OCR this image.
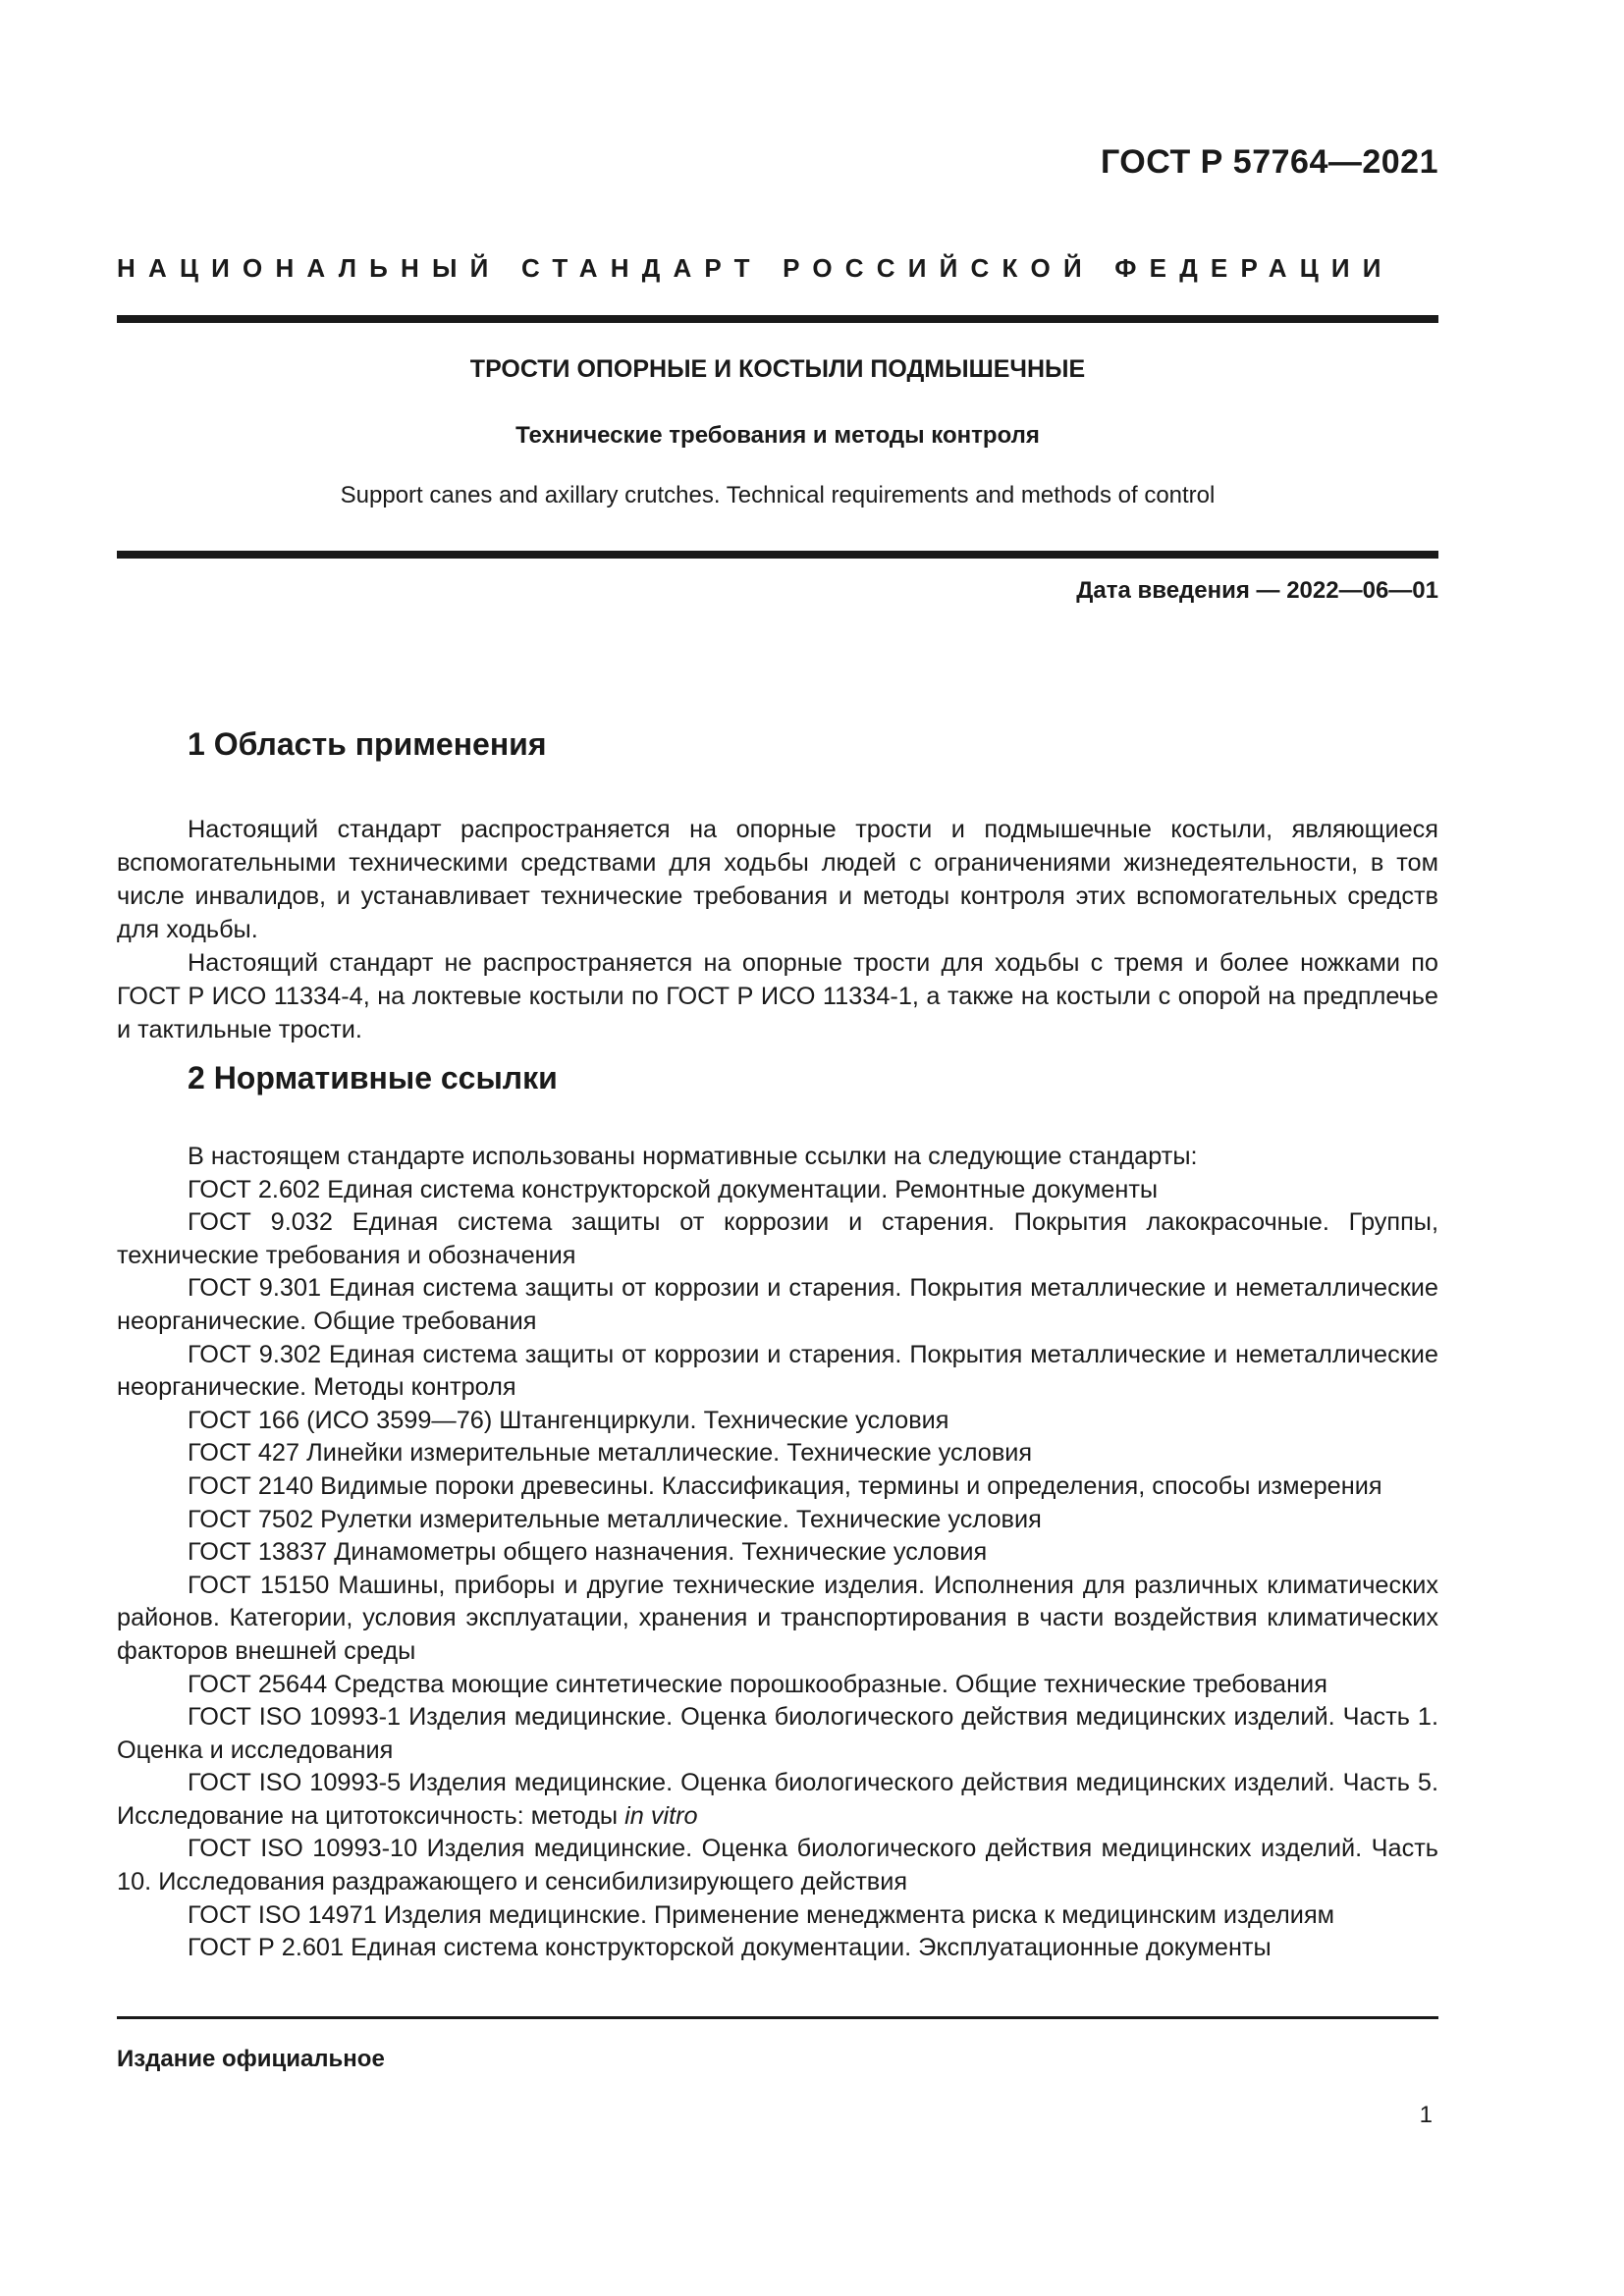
ГОСТ Р 57764—2021
НАЦИОНАЛЬНЫЙ СТАНДАРТ РОССИЙСКОЙ ФЕДЕРАЦИИ
ТРОСТИ ОПОРНЫЕ И КОСТЫЛИ ПОДМЫШЕЧНЫЕ
Технические требования и методы контроля
Support canes and axillary crutches. Technical requirements and methods of control
Дата введения — 2022—06—01
1 Область применения

Настоящий стандарт распространяется на опорные трости и подмышечные костыли, являющиеся вспомогательными техническими средствами для ходьбы людей с ограничениями жизнедеятельности, в том числе инвалидов, и устанавливает технические требования и методы контроля этих вспомогательных средств для ходьбы.

Настоящий стандарт не распространяется на опорные трости для ходьбы с тремя и более ножками по ГОСТ Р ИСО 11334-4, на локтевые костыли по ГОСТ Р ИСО 11334-1, а также на костыли с опорой на предплечье и тактильные трости.

2 Нормативные ссылки

В настоящем стандарте использованы нормативные ссылки на следующие стандарты:

ГОСТ 2.602 Единая система конструкторской документации. Ремонтные документы

ГОСТ 9.032 Единая система защиты от коррозии и старения. Покрытия лакокрасочные. Группы, технические требования и обозначения

ГОСТ 9.301 Единая система защиты от коррозии и старения. Покрытия металлические и неметаллические неорганические. Общие требования

ГОСТ 9.302 Единая система защиты от коррозии и старения. Покрытия металлические и неметаллические неорганические. Методы контроля

ГОСТ 166 (ИСО 3599—76) Штангенциркули. Технические условия

ГОСТ 427 Линейки измерительные металлические. Технические условия

ГОСТ 2140 Видимые пороки древесины. Классификация, термины и определения, способы измерения

ГОСТ 7502 Рулетки измерительные металлические. Технические условия

ГОСТ 13837 Динамометры общего назначения. Технические условия

ГОСТ 15150 Машины, приборы и другие технические изделия. Исполнения для различных климатических районов. Категории, условия эксплуатации, хранения и транспортирования в части воздействия климатических факторов внешней среды

ГОСТ 25644 Средства моющие синтетические порошкообразные. Общие технические требования

ГОСТ ISO 10993-1 Изделия медицинские. Оценка биологического действия медицинских изделий. Часть 1. Оценка и исследования

ГОСТ ISO 10993-5 Изделия медицинские. Оценка биологического действия медицинских изделий. Часть 5. Исследование на цитотоксичность: методы in vitro

ГОСТ ISO 10993-10 Изделия медицинские. Оценка биологического действия медицинских изделий. Часть 10. Исследования раздражающего и сенсибилизирующего действия

ГОСТ ISO 14971 Изделия медицинские. Применение менеджмента риска к медицинским изделиям

ГОСТ Р 2.601 Единая система конструкторской документации. Эксплуатационные документы

Издание официальное
1
